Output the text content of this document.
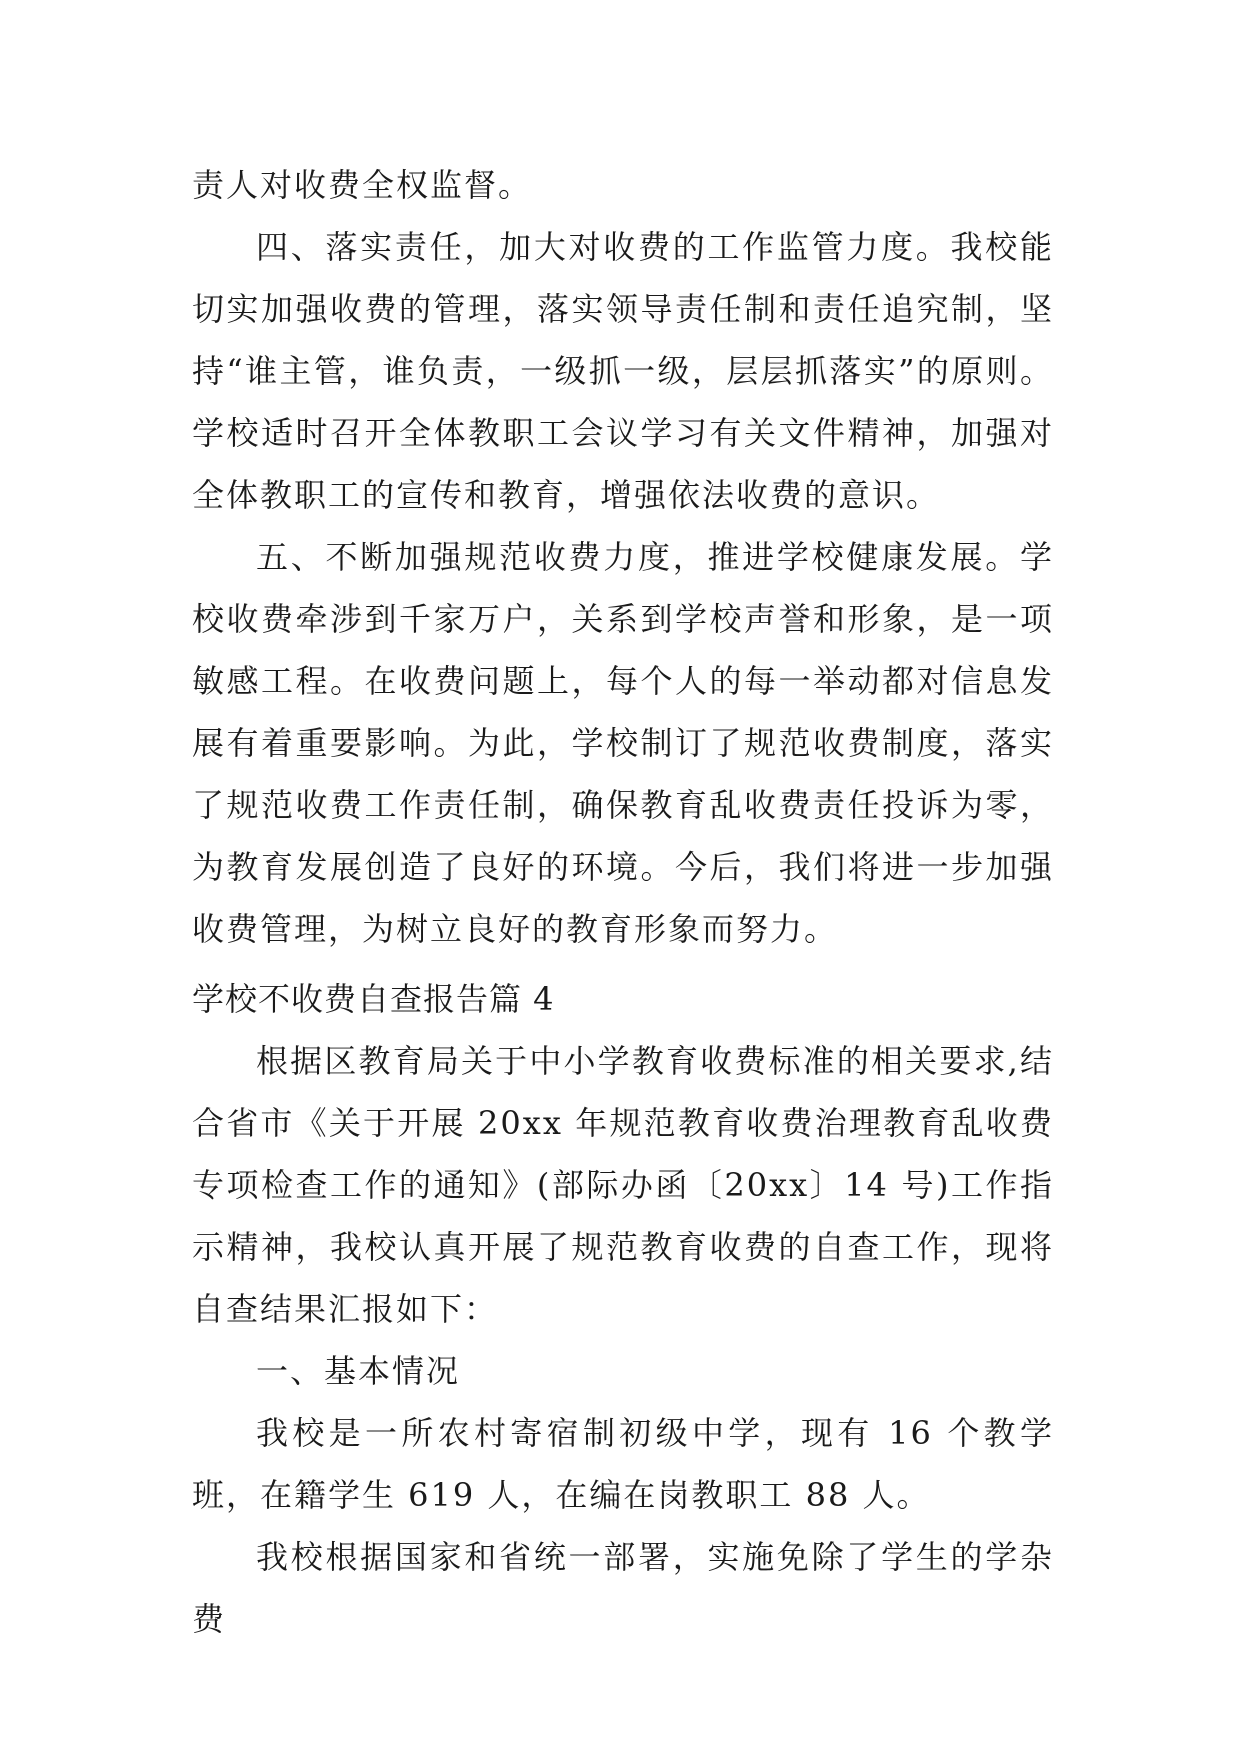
责人对收费全权监督。

四、落实责任，加大对收费的工作监管力度。我校能切实加强收费的管理，落实领导责任制和责任追究制，坚持“谁主管，谁负责，一级抓一级，层层抓落实”的原则。学校适时召开全体教职工会议学习有关文件精神，加强对全体教职工的宣传和教育，增强依法收费的意识。

五、不断加强规范收费力度，推进学校健康发展。学校收费牵涉到千家万户，关系到学校声誉和形象，是一项敏感工程。在收费问题上，每个人的每一举动都对信息发展有着重要影响。为此，学校制订了规范收费制度，落实了规范收费工作责任制，确保教育乱收费责任投诉为零，为教育发展创造了良好的环境。今后，我们将进一步加强收费管理，为树立良好的教育形象而努力。

学校不收费自查报告篇 4

根据区教育局关于中小学教育收费标准的相关要求,结合省市《关于开展 20xx 年规范教育收费治理教育乱收费专项检查工作的通知》(部际办函〔20xx〕14 号)工作指示精神，我校认真开展了规范教育收费的自查工作，现将自查结果汇报如下：

一、基本情况

我校是一所农村寄宿制初级中学，现有 16 个教学班，在籍学生 619 人，在编在岗教职工 88 人。

我校根据国家和省统一部署，实施免除了学生的学杂费
